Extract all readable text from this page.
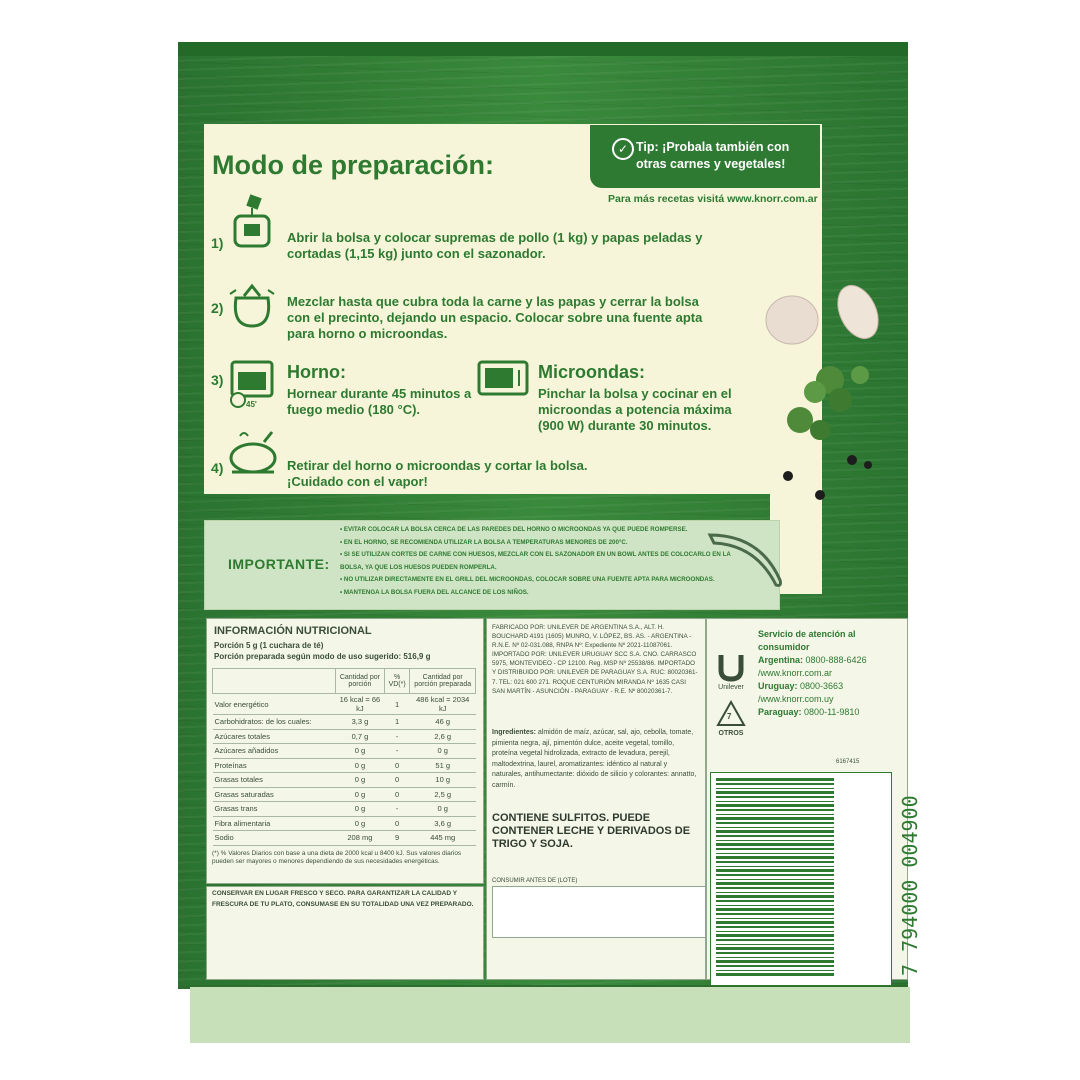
Modo de preparación:
✓ Tip: ¡Probala también con otras carnes y vegetales!
Para más recetas visitá www.knorr.com.ar Foto ilustrativa
1)	Abrir la bolsa y colocar supremas de pollo (1 kg) y papas peladas y cortadas (1,15 kg) junto con el sazonador.
2)	Mezclar hasta que cubra toda la carne y las papas y cerrar la bolsa con el precinto, dejando un espacio. Colocar sobre una fuente apta para horno o microondas.
3)
45'
Horno:
Hornear durante 45 minutos a fuego medio (180 °C).
Microondas:
Pinchar la bolsa y cocinar en el microondas a potencia máxima (900 W) durante 30 minutos.
4)	Retirar del horno o microondas y cortar la bolsa. ¡Cuidado con el vapor!
IMPORTANTE:
• EVITAR COLOCAR LA BOLSA CERCA DE LAS PAREDES DEL HORNO O MICROONDAS YA QUE PUEDE ROMPERSE.
• EN EL HORNO, SE RECOMIENDA UTILIZAR LA BOLSA A TEMPERATURAS MENORES DE 200°C.
• SI SE UTILIZAN CORTES DE CARNE CON HUESOS, MEZCLAR CON EL SAZONADOR EN UN BOWL ANTES DE COLOCARLO EN LA BOLSA, YA QUE LOS HUESOS PUEDEN ROMPERLA.
• NO UTILIZAR DIRECTAMENTE EN EL GRILL DEL MICROONDAS, COLOCAR SOBRE UNA FUENTE APTA PARA MICROONDAS.
• MANTENGA LA BOLSA FUERA DEL ALCANCE DE LOS NIÑOS.
INFORMACIÓN NUTRICIONAL
Porción 5 g (1 cuchara de té)
Porción preparada según modo de uso sugerido: 516,9 g
	Cantidad por porción	% VD(*)	Cantidad por porción preparada
Valor energético	16 kcal = 66 kJ	1	486 kcal = 2034 kJ
Carbohidratos: de los cuales:	3,3 g	1	46 g
Azúcares totales	0,7 g	-	2,6 g
Azúcares añadidos	0 g	-	0 g
Proteínas	0 g	0	51 g
Grasas totales	0 g	0	10 g
Grasas saturadas	0 g	0	2,5 g
Grasas trans	0 g	-	0 g
Fibra alimentaria	0 g	0	3,6 g
Sodio	208 mg	9	445 mg
(*) % Valores Diarios con base a una dieta de 2000 kcal u 8400 kJ. Sus valores diarios pueden ser mayores o menores dependiendo de sus necesidades energéticas.
CONSERVAR EN LUGAR FRESCO Y SECO. PARA GARANTIZAR LA CALIDAD Y FRESCURA DE TU PLATO, CONSUMASE EN SU TOTALIDAD UNA VEZ PREPARADO.
FABRICADO POR: UNILEVER DE ARGENTINA S.A., ALT. H. BOUCHARD 4191 (1605) MUNRO, V. LÓPEZ, BS. AS. - ARGENTINA - R.N.E. Nº 02-031.088, RNPA Nº: Expediente Nº 2021-11087061. IMPORTADO POR: UNILEVER URUGUAY SCC S.A. CNO. CARRASCO 5975, MONTEVIDEO - CP 12100. Reg. MSP Nº 25538/86. IMPORTADO Y DISTRIBUIDO POR: UNILEVER DE PARAGUAY S.A. RUC: 80020361-7. TEL: 021 600 271. ROQUE CENTURIÓN MIRANDA Nº 1635 CASI SAN MARTÍN - ASUNCIÓN - PARAGUAY - R.E. Nº 80020361-7.
Ingredientes: almidón de maíz, azúcar, sal, ajo, cebolla, tomate, pimienta negra, ají, pimentón dulce, aceite vegetal, tomillo, proteína vegetal hidrolizada, extracto de levadura, perejil, maltodextrina, laurel, aromatizantes: idéntico al natural y naturales, antihumectante: dióxido de silicio y colorantes: annatto, carmín.
CONTIENE SULFITOS. PUEDE CONTENER LECHE Y DERIVADOS DE TRIGO Y SOJA.
CONSUMIR ANTES DE (LOTE)
Servicio de atención al consumidor
Argentina: 0800-888-6426
/www.knorr.com.ar
Uruguay: 0800-3663
/www.knorr.com.uy
Paraguay: 0800-11-9810
Unilever
7
OTROS
6167415
7 794000 004900
